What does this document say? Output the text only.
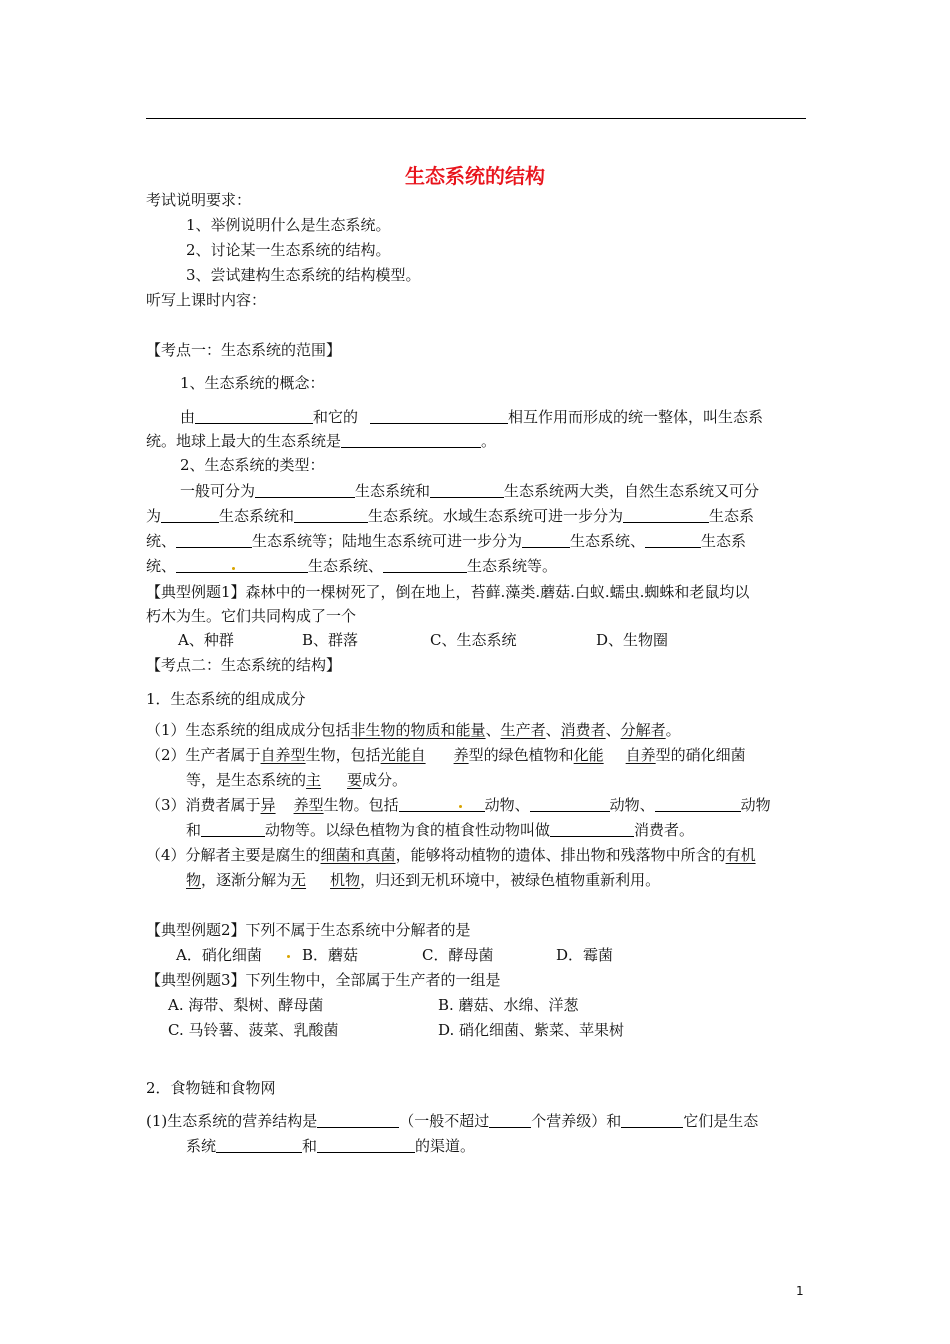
生态系统的结构
考试说明要求：
1、举例说明什么是生态系统。
2、讨论某一生态系统的结构。
3、尝试建构生态系统的结构模型。
听写上课时内容：
【考点一：生态系统的范围】
1、生态系统的概念：
由	和它的	相互作用而形成的统一整体，叫生态系
统。地球上最大的生态系统是	。
2、生态系统的类型：
一般可分为	生态系统和	生态系统两大类，自然生态系统又可分
为	生态系统和	生态系统。水域生态系统可进一步分为	生态系
统、	生态系统等；陆地生态系统可进一步分为	生态系统、	生态系
统、	生态系统、	生态系统等。
【典型例题1】森林中的一棵树死了，倒在地上，苔藓.藻类.蘑菇.白蚁.蠕虫.蜘蛛和老鼠均以
朽木为生。它们共同构成了一个
A、种群	B、群落	C、生态系统	D、生物圈
【考点二：生态系统的结构】
1．生态系统的组成成分
（1）生态系统的组成成分包括非生物的物质和能量、生产者、消费者、分解者。
（2）生产者属于自养型生物，包括光能自 养型的绿色植物和化能 自养型的硝化细菌
等，是生态系统的主 要成分。
（3）消费者属于异 养型生物。包括	动物、	动物、	动物
和	动物等。以绿色植物为食的植食性动物叫做	消费者。
（4）分解者主要是腐生的细菌和真菌，能够将动植物的遗体、排出物和残落物中所含的有机
物，逐渐分解为无 机物，归还到无机环境中，被绿色植物重新利用。
【典型例题2】下列不属于生态系统中分解者的是
A．硝化细菌	B．蘑菇	C．酵母菌	D．霉菌
【典型例题3】下列生物中，全部属于生产者的一组是
A. 海带、梨树、酵母菌	B. 蘑菇、水绵、洋葱
C. 马铃薯、菠菜、乳酸菌	D. 硝化细菌、紫菜、苹果树
2．食物链和食物网
(1)生态系统的营养结构是	（一般不超过	个营养级）和	它们是生态
系统	和	的渠道。
1
